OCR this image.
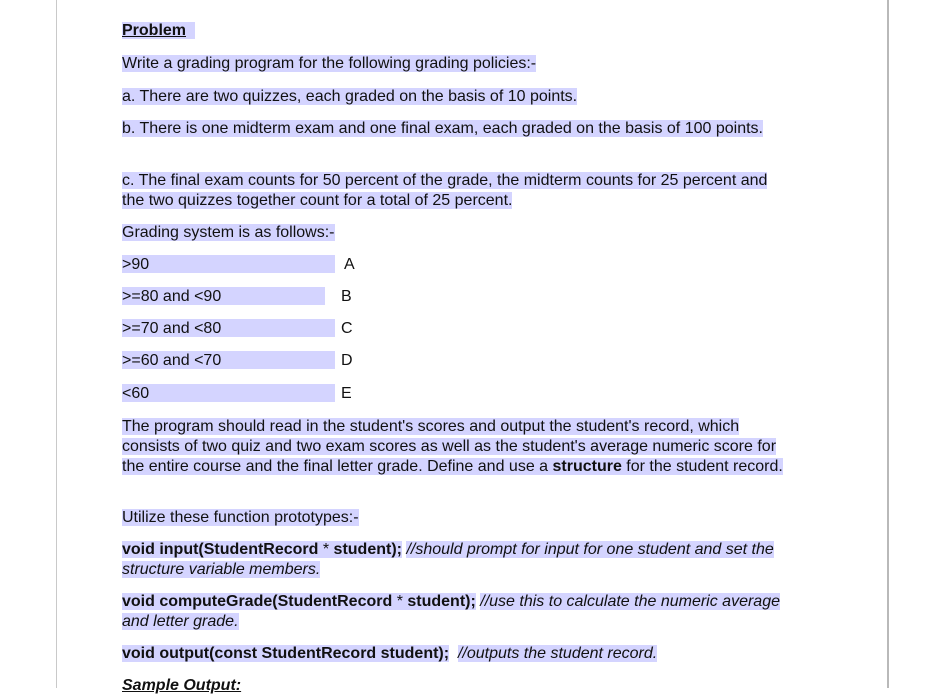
Problem
Write a grading program for the following grading policies:-
a. There are two quizzes, each graded on the basis of 10 points.
b. There is one midterm exam and one final exam, each graded on the basis of 100 points.
c. The final exam counts for 50 percent of the grade, the midterm counts for 25 percent and the two quizzes together count for a total of 25 percent.
Grading system is as follows:-
>90	A
>=80 and <90	B
>=70 and <80	C
>=60 and <70	D
<60	E
The program should read in the student's scores and output the student's record, which consists of two quiz and two exam scores as well as the student's average numeric score for the entire course and the final letter grade. Define and use a structure for the student record.
Utilize these function prototypes:-
void input(StudentRecord * student); //should prompt for input for one student and set the structure variable members.
void computeGrade(StudentRecord * student); //use this to calculate the numeric average and letter grade.
void output(const StudentRecord student); //outputs the student record.
Sample Output:
